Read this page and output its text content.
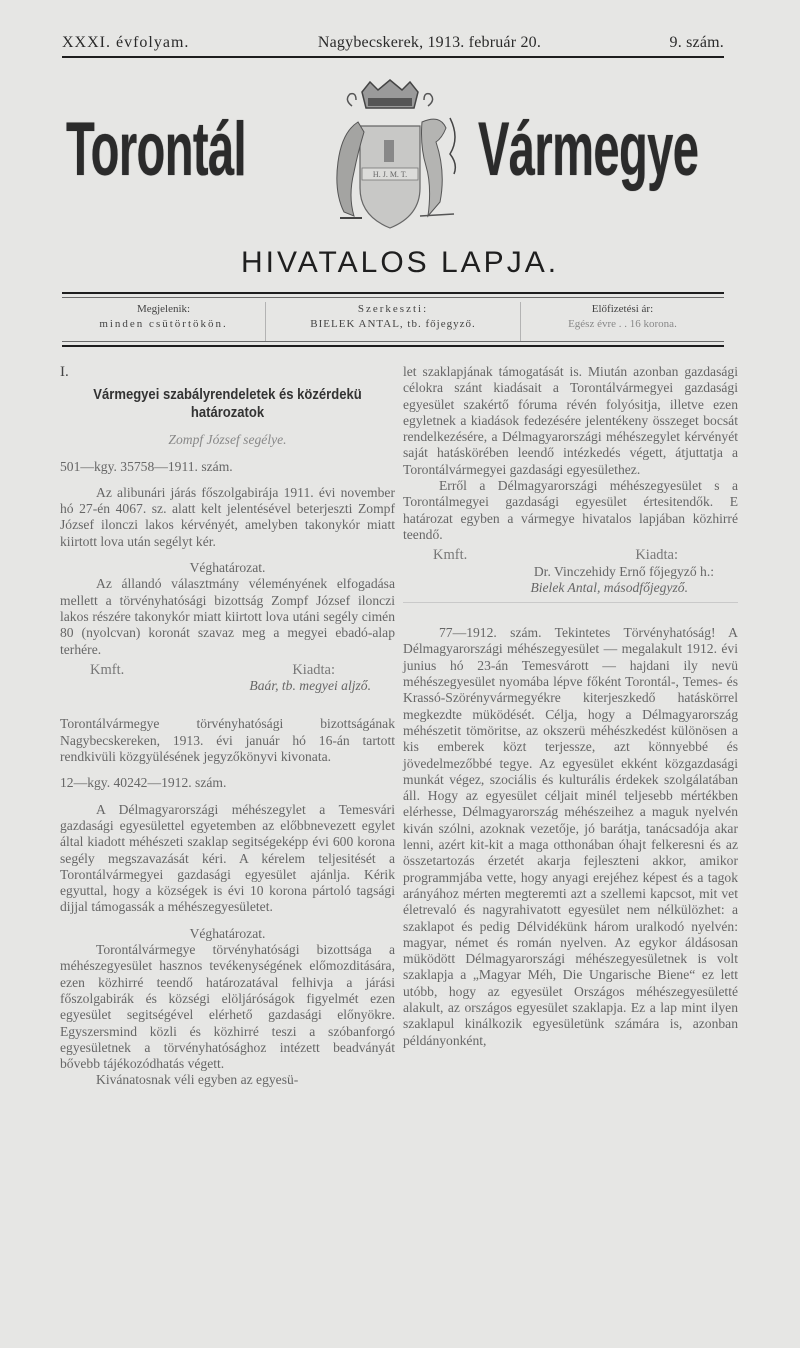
XXXI. évfolyam.	Nagybecskerek, 1913. február 20.	9. szám.
Torontál	H. J. M. T. Vármegye
HIVATALOS LAPJA.
Megjelenik:
minden csütörtökön.
Szerkeszti:
BIELEK ANTAL, tb. főjegyző.
Előfizetési ár:
Egész évre . . 16 korona.

I.

Vármegyei szabályrendeletek és közérdekü határozatok

Zompf József segélye.

501—kgy. 35758—1911. szám.

Az alibunári járás főszolgabirája 1911. évi november hó 27-én 4067. sz. alatt kelt jelentésével beterjeszti Zompf József ilonczi lakos kérvényét, amelyben takonykór miatt kiirtott lova után segélyt kér.

Véghatározat.

Az állandó választmány véleményének elfogadása mellett a törvényhatósági bizottság Zompf József ilonczi lakos részére takonykór miatt kiirtott lova utáni segély cimén 80 (nyolcvan) koronát szavaz meg a megyei ebadó-alap terhére.

Kmft.	Kiadta:

Baár, tb. megyei aljző.

Torontálvármegye törvényhatósági bizottságának Nagybecskereken, 1913. évi január hó 16-án tartott rendkivüli közgyülésének jegyzőkönyvi kivonata.

12—kgy. 40242—1912. szám.

A Délmagyarországi méhészegylet a Temesvári gazdasági egyesülettel egyetemben az előbbnevezett egylet által kiadott méhészeti szaklap segitségeképp évi 600 korona segély megszavazását kéri. A kérelem teljesitését a Torontálvármegyei gazdasági egyesület ajánlja. Kérik egyuttal, hogy a községek is évi 10 korona pártoló tagsági dijjal támogassák a méhészegyesületet.

Véghatározat.

Torontálvármegye törvényhatósági bizottsága a méhészegyesület hasznos tevékenységének előmozditására, ezen közhirré teendő határozatával felhivja a járási főszolgabirák és községi elöljáróságok figyelmét ezen egyesület segitségével elérhető gazdasági előnyökre. Egyszersmind közli és közhirré teszi a szóbanforgó egyesületnek a törvényhatósághoz intézett beadványát bővebb tájékozódhatás végett.

Kivánatosnak véli egyben az egyesü-

let szaklapjának támogatását is. Miután azonban gazdasági célokra szánt kiadásait a Torontálvármegyei gazdasági egyesület szakértő fóruma révén folyósitja, illetve ezen egyletnek a kiadások fedezésére jelentékeny összeget bocsát rendelkezésére, a Délmagyarországi méhészegylet kérvényét saját hatáskörében leendő intézkedés végett, átjuttatja a Torontálvármegyei gazdasági egyesülethez.

Erről a Délmagyarországi méhészegyesület s a Torontálmegyei gazdasági egyesület értesitendők. E határozat egyben a vármegye hivatalos lapjában közhirré teendő.

Kmft.	Kiadta:

Dr. Vinczehidy Ernő főjegyző h.:

Bielek Antal, másodfőjegyző.

77—1912. szám. Tekintetes Törvényhatóság! A Délmagyarországi méhészegyesület — megalakult 1912. évi junius hó 23-án Temesvárott — hajdani ily nevü méhészegyesület nyomába lépve főként Torontál-, Temes- és Krassó-Szörényvármegyékre kiterjeszkedő hatáskörrel megkezdte müködését. Célja, hogy a Délmagyarország méhészetit tömöritse, az okszerü méhészkedést különösen a kis emberek közt terjessze, azt könnyebbé és jövedelmezőbbé tegye. Az egyesület ekként közgazdasági munkát végez, szociális és kulturális érdekek szolgálatában áll. Hogy az egyesület céljait minél teljesebb mértékben elérhesse, Délmagyarország méhészeihez a maguk nyelvén kiván szólni, azoknak vezetője, jó barátja, tanácsadója akar lenni, azért kit-kit a maga otthonában óhajt felkeresni és az összetartozás érzetét akarja fejleszteni akkor, amikor programmjába vette, hogy anyagi erejéhez képest és a tagok arányához mérten megteremti azt a szellemi kapcsot, mit vet életrevaló és nagyrahivatott egyesület nem nélkülözhet: a szaklapot és pedig Délvidékünk három uralkodó nyelvén: magyar, német és román nyelven. Az egykor áldásosan müködött Délmagyarországi méhészegyesületnek is volt szaklapja a „Magyar Méh, Die Ungarische Biene“ ez lett utóbb, hogy az egyesület Országos méhészegyesületté alakult, az országos egyesület szaklapja. Ez a lap mint ilyen szaklapul kinálkozik egyesületünk számára is, azonban példányonként,
